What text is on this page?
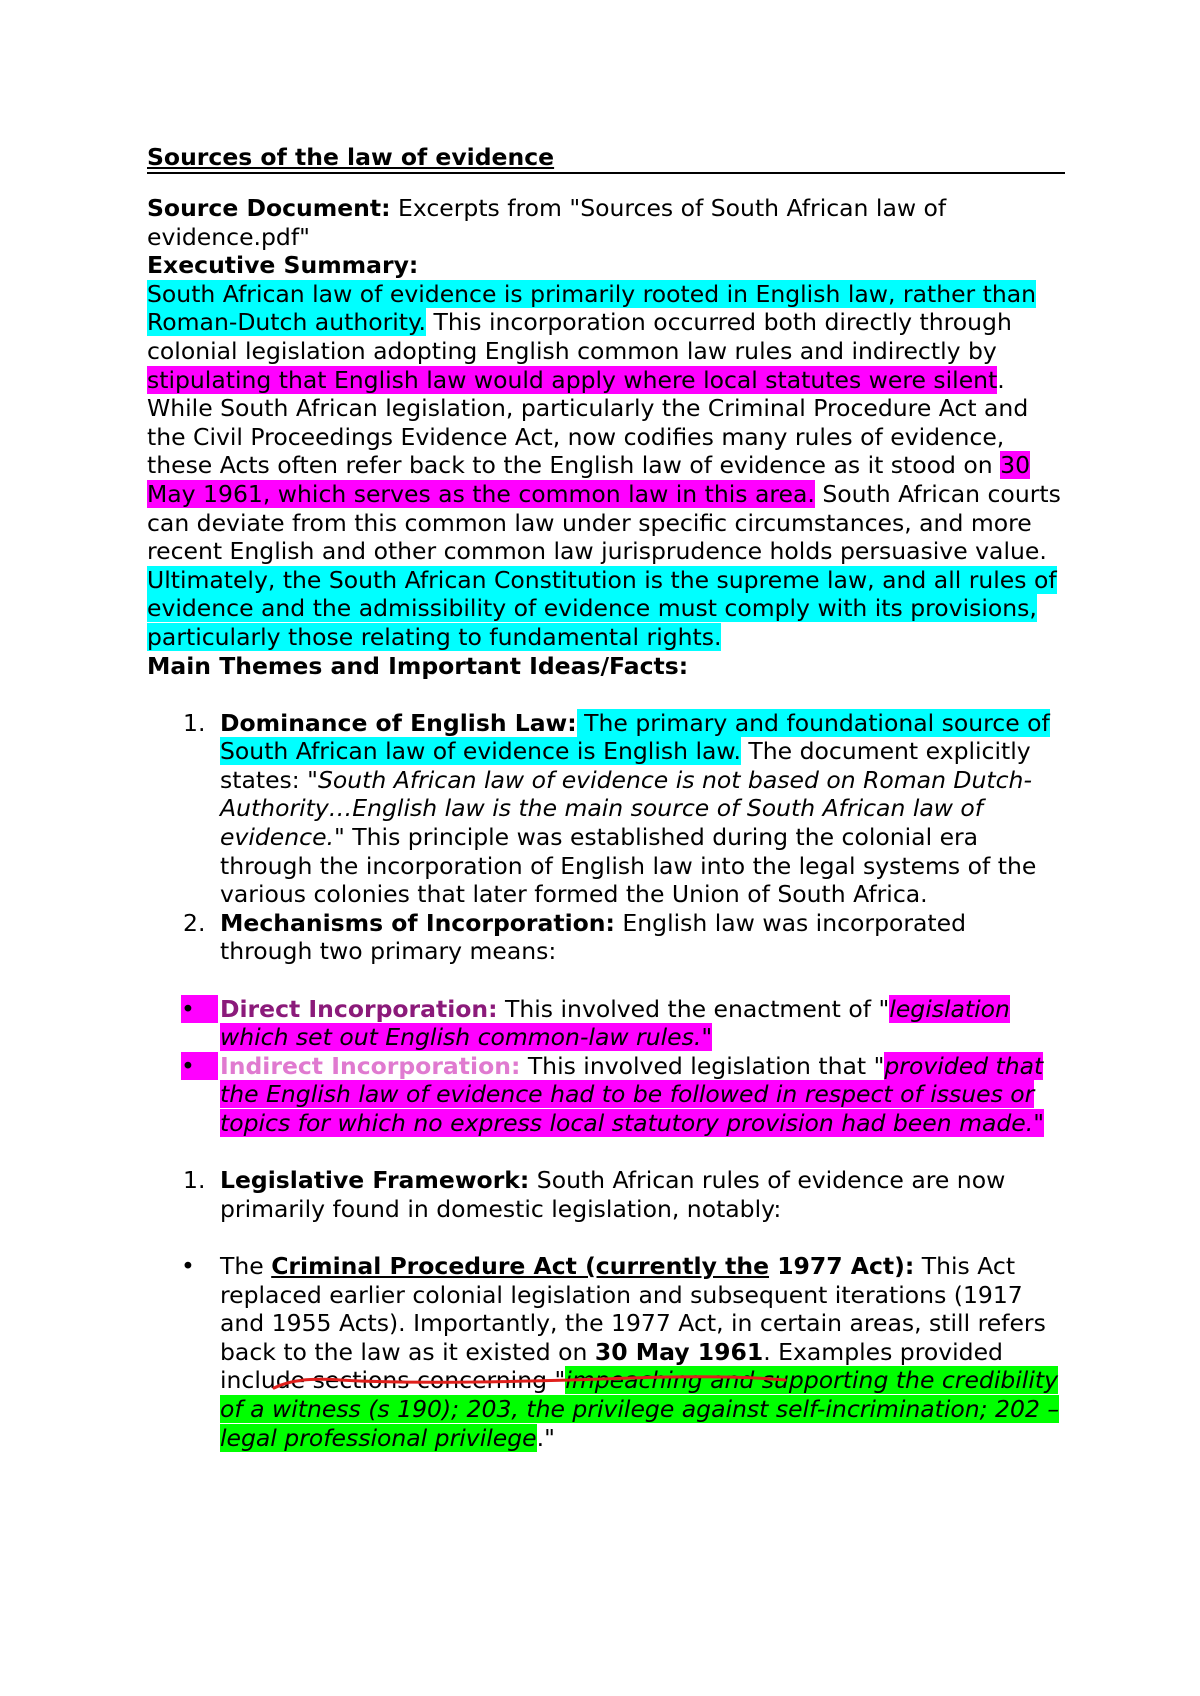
Sources of the law of evidence

Source Document: Excerpts from "Sources of South African law of evidence.pdf"

Executive Summary:

South African law of evidence is primarily rooted in English law, rather than Roman-Dutch authority. This incorporation occurred both directly through colonial legislation adopting English common law rules and indirectly by stipulating that English law would apply where local statutes were silent. While South African legislation, particularly the Criminal Procedure Act and the Civil Proceedings Evidence Act, now codifies many rules of evidence, these Acts often refer back to the English law of evidence as it stood on 30 May 1961, which serves as the common law in this area. South African courts can deviate from this common law under specific circumstances, and more recent English and other common law jurisprudence holds persuasive value. Ultimately, the South African Constitution is the supreme law, and all rules of evidence and the admissibility of evidence must comply with its provisions, particularly those relating to fundamental rights.

Main Themes and Important Ideas/Facts:

1. Dominance of English Law: The primary and foundational source of South African law of evidence is English law. The document explicitly states: "South African law of evidence is not based on Roman Dutch-Authority…English law is the main source of South African law of evidence." This principle was established during the colonial era through the incorporation of English law into the legal systems of the various colonies that later formed the Union of South Africa.
2. Mechanisms of Incorporation: English law was incorporated through two primary means:
•	Direct Incorporation: This involved the enactment of "legislation which set out English common-law rules."
•	Indirect Incorporation: This involved legislation that "provided that the English law of evidence had to be followed in respect of issues or topics for which no express local statutory provision had been made."
1. Legislative Framework: South African rules of evidence are now primarily found in domestic legislation, notably:
•	The Criminal Procedure Act (currently the 1977 Act): This Act replaced earlier colonial legislation and subsequent iterations (1917 and 1955 Acts). Importantly, the 1977 Act, in certain areas, still refers back to the law as it existed on 30 May 1961. Examples provided include sections concerning "impeaching and supporting the credibility of a witness (s 190); 203, the privilege against self-incrimination; 202 – legal professional privilege."
